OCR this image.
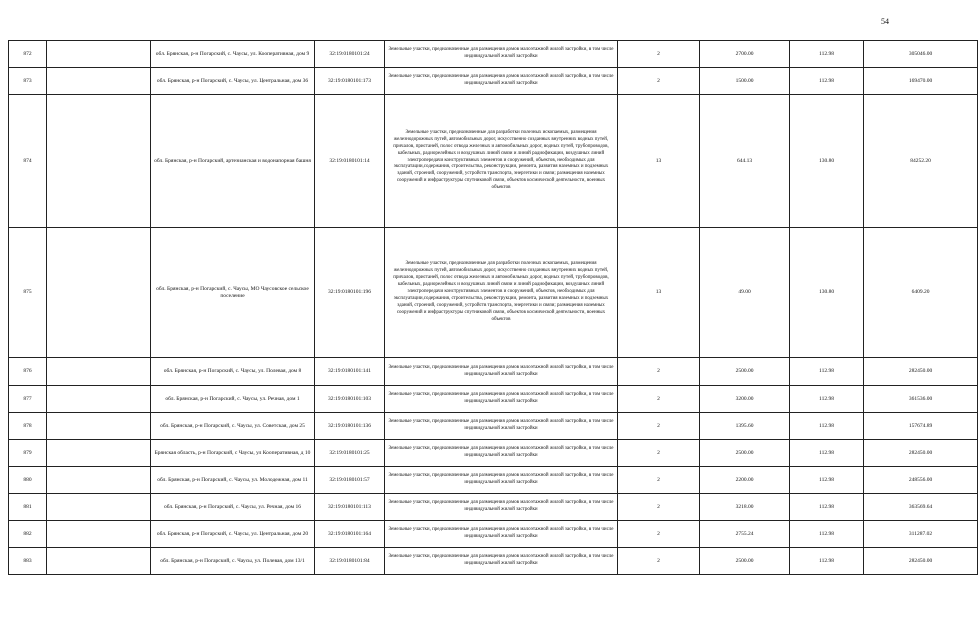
54
872		обл. Брянская, р-н Погарский, с. Чаусы, ул. Кооперативная, дом 9	32:19:0180101:24	Земельные участки, предназначенные для размещения домов малоэтажной жилой застройки, в том числе индивидуальной жилой застройки	2	2700.00	112.98	305046.00
873		обл. Брянская, р-н Погарский, с. Чаусы, ул. Центральная, дом 36	32:19:0180101:173	Земельные участки, предназначенные для размещения домов малоэтажной жилой застройки, в том числе индивидуальной жилой застройки	2	1500.00	112.98	169470.00
874		обл. Брянская, р-н Погарский, артезианская и водонапорная башня	32:19:0180101:14	Земельные участки, предназначенные для разработки полезных ископаемых, размещения железнодорожных путей, автомобильных дорог, искусственно созданных внутренних водных путей, причалов, пристаней, полос отвода железных и автомобильных дорог, водных путей, трубопроводов, кабельных, радиорелейных и воздушных линий связи и линий радиофикации, воздушных линий электропередачи конструктивных элементов и сооружений, объектов, необходимых для эксплуатации,содержания, строительства, реконструкции, ремонта, развития наземных и подземных зданий, строений, сооружений, устройств транспорта, энергетики и связи; размещения наземных сооружений и инфраструктуры спутниковой связи, объектов космической деятельности, военных объектов	13	644.13	130.80	84252.20
875		обл. Брянская, р-н Погарский, с. Чаусы, МО Чаусовское сельское поселение	32:19:0180101:196	Земельные участки, предназначенные для разработки полезных ископаемых, размещения железнодорожных путей, автомобильных дорог, искусственно созданных внутренних водных путей, причалов, пристаней, полос отвода железных и автомобильных дорог, водных путей, трубопроводов, кабельных, радиорелейных и воздушных линий связи и линий радиофикации, воздушных линий электропередачи конструктивных элементов и сооружений, объектов, необходимых для эксплуатации,содержания, строительства, реконструкции, ремонта, развития наземных и подземных зданий, строений, сооружений, устройств транспорта, энергетики и связи; размещения наземных сооружений и инфраструктуры спутниковой связи, объектов космической деятельности, военных объектов	13	49.00	130.80	6409.20
876		обл. Брянская, р-н Погарский, с. Чаусы, ул. Полевая, дом 8	32:19:0180101:141	Земельные участки, предназначенные для размещения домов малоэтажной жилой застройки, в том числе индивидуальной жилой застройки	2	2500.00	112.98	282450.00
877		обл. Брянская, р-н Погарский, с. Чаусы, ул. Речная, дом 1	32:19:0180101:103	Земельные участки, предназначенные для размещения домов малоэтажной жилой застройки, в том числе индивидуальной жилой застройки	2	3200.00	112.98	361536.00
878		обл. Брянская, р-н Погарский, с. Чаусы, ул. Советская, дом 25	32:19:0180101:136	Земельные участки, предназначенные для размещения домов малоэтажной жилой застройки, в том числе индивидуальной жилой застройки	2	1395.60	112.98	157674.89
879		Брянская область, р-н Погарский, с Чаусы, ул Кооперативная, д 10	32:19:0180101:25	Земельные участки, предназначенные для размещения домов малоэтажной жилой застройки, в том числе индивидуальной жилой застройки	2	2500.00	112.98	282450.00
880		обл. Брянская, р-н Погарский, с. Чаусы, ул. Молодежная, дом 11	32:19:0180101:57	Земельные участки, предназначенные для размещения домов малоэтажной жилой застройки, в том числе индивидуальной жилой застройки	2	2200.00	112.98	248556.00
881		обл. Брянская, р-н Погарский, с. Чаусы, ул. Речная, дом 16	32:19:0180101:113	Земельные участки, предназначенные для размещения домов малоэтажной жилой застройки, в том числе индивидуальной жилой застройки	2	3218.00	112.98	363569.64
882		обл. Брянская, р-н Погарский, с. Чаусы, ул. Центральная, дом 20	32:19:0180101:164	Земельные участки, предназначенные для размещения домов малоэтажной жилой застройки, в том числе индивидуальной жилой застройки	2	2755.24	112.98	311287.02
883		обл. Брянская, р-н Погарский, с. Чаусы, ул. Полевая, дом 13/1	32:19:0180101:84	Земельные участки, предназначенные для размещения домов малоэтажной жилой застройки, в том числе индивидуальной жилой застройки	2	2500.00	112.98	282450.00
